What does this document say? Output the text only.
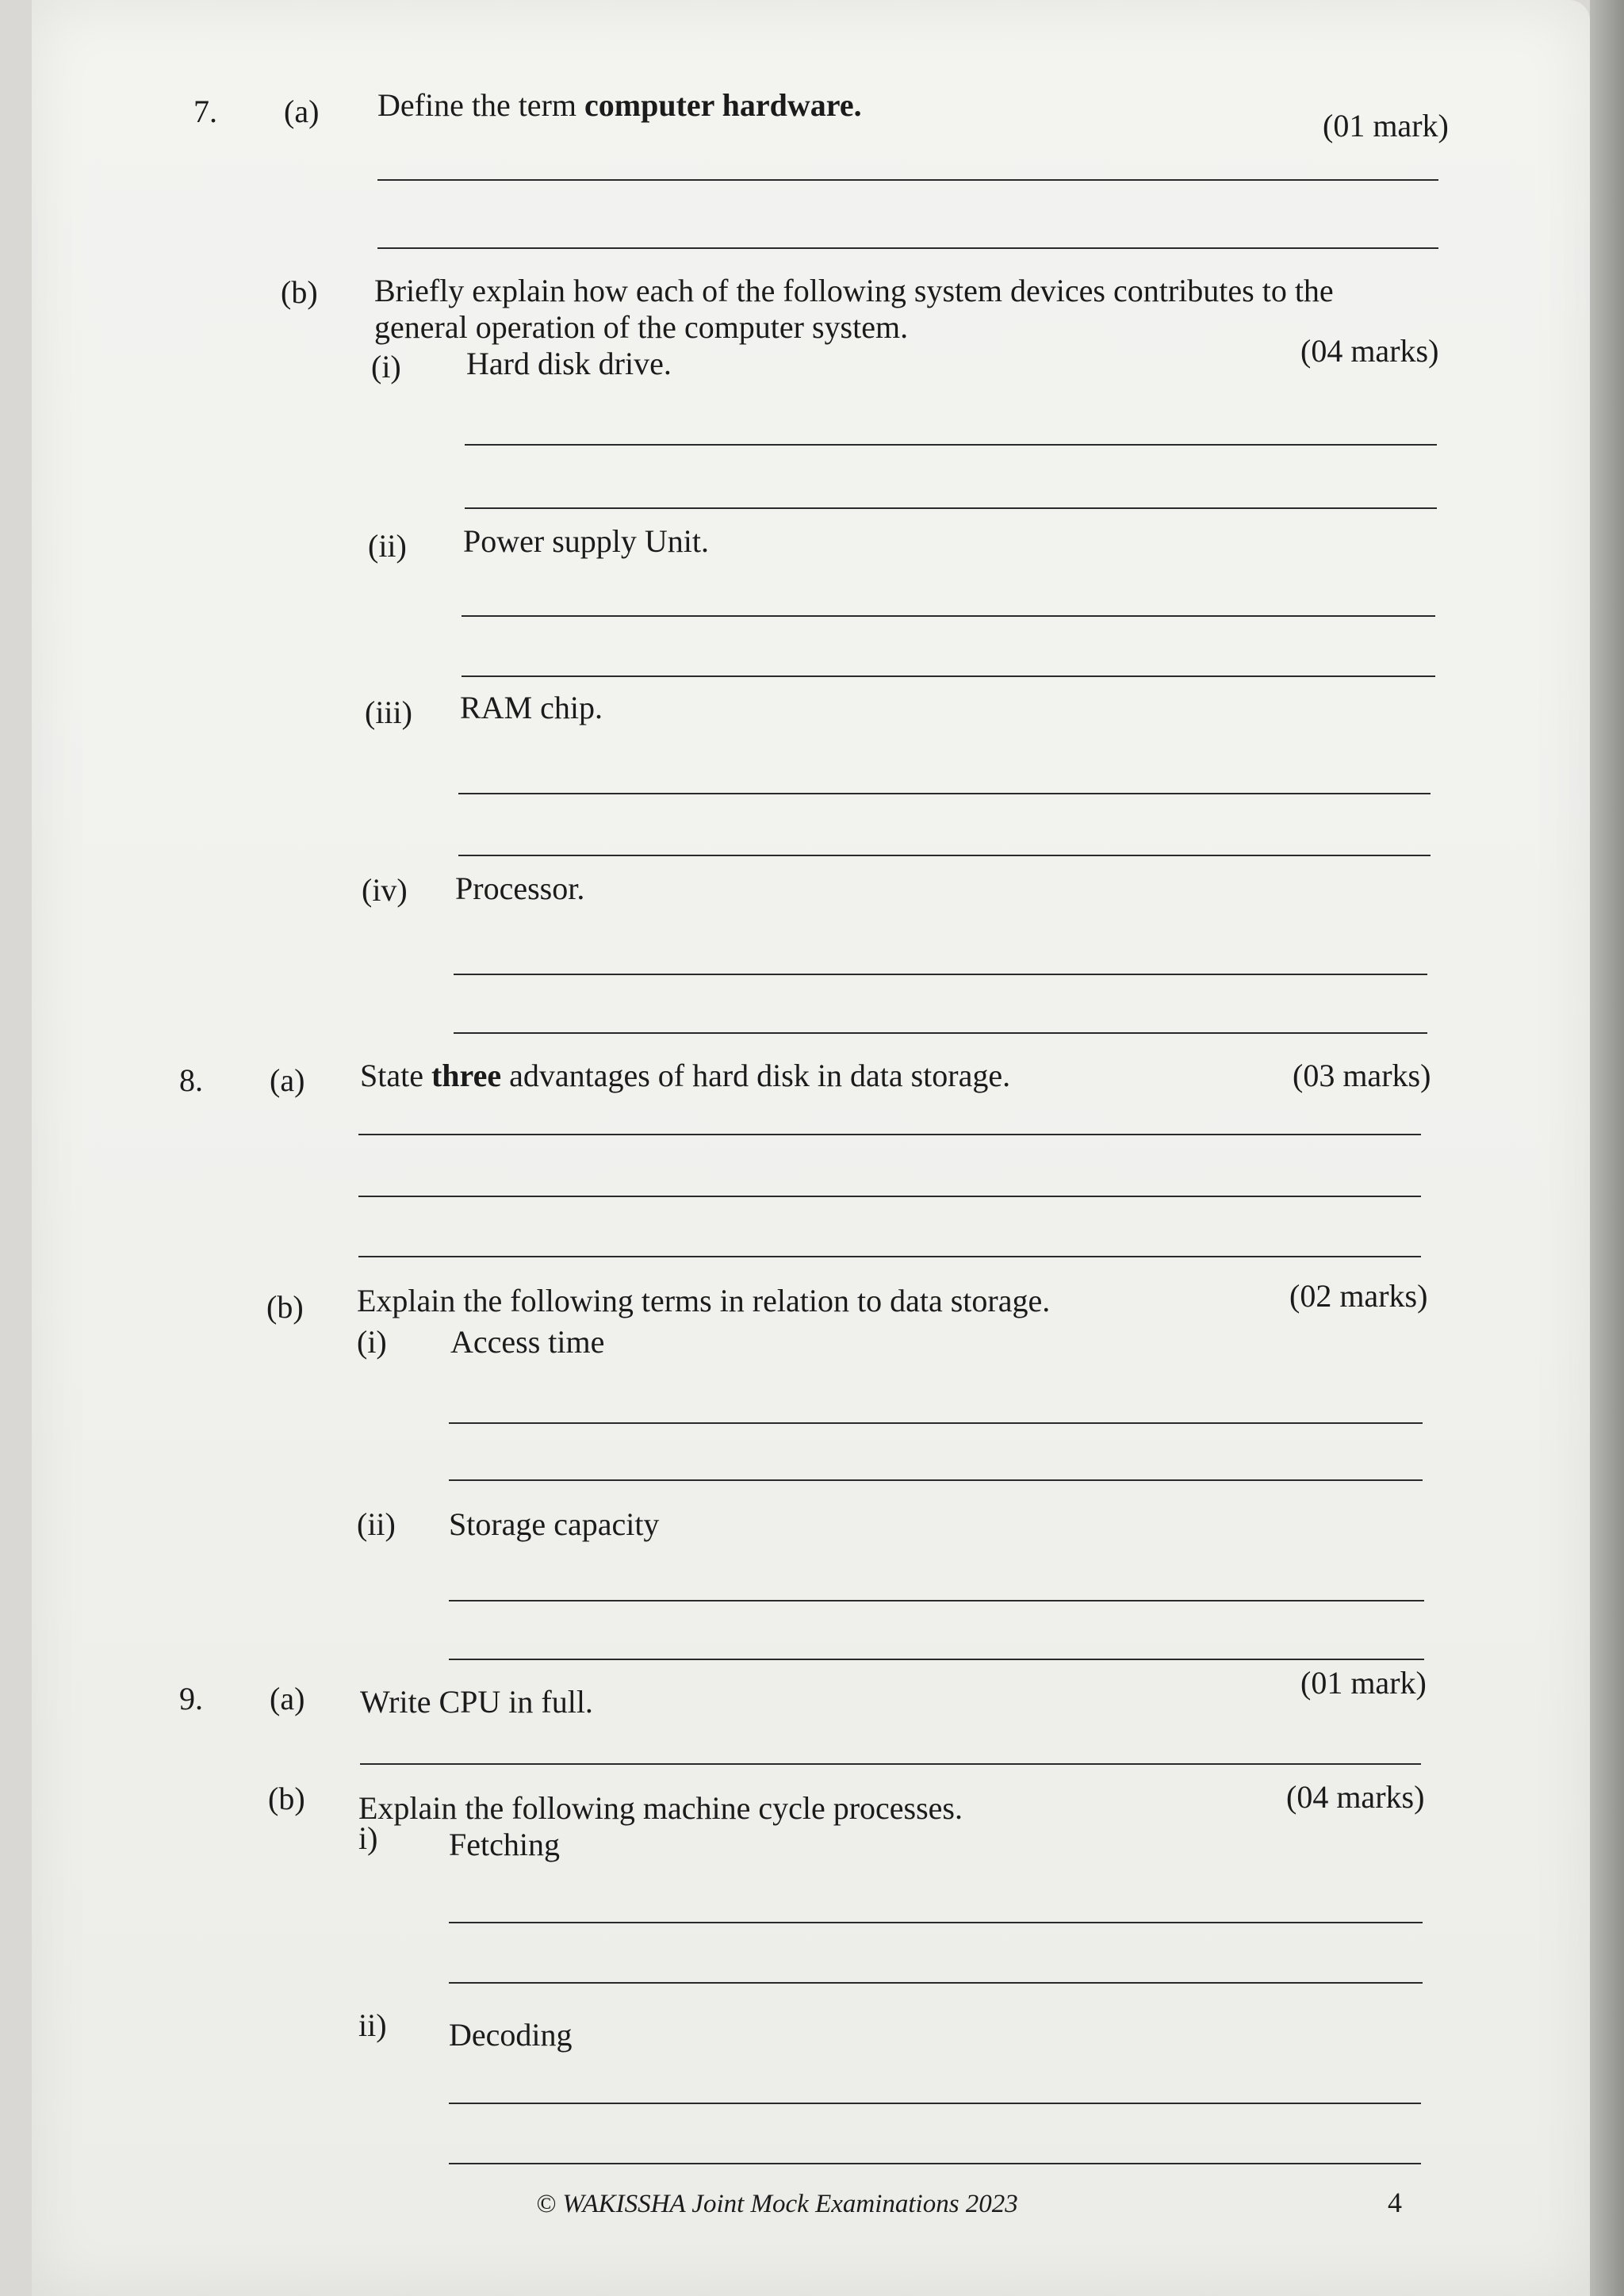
7. (a) Define the term computer hardware.
(01 mark)
(b) Briefly explain how each of the following system devices contributes to the
general operation of the computer system.
(04 marks)
(i) Hard disk drive.
(ii) Power supply Unit.
(iii) RAM chip.
(iv) Processor.
8. (a) State three advantages of hard disk in data storage.	(03 marks)
(b) Explain the following terms in relation to data storage.	(02 marks)
(i) Access time
(ii) Storage capacity
9. (a) Write CPU in full.
(01 mark)
(b) Explain the following machine cycle processes.	(04 marks)
i) Fetching
ii) Decoding
© WAKISSHA Joint Mock Examinations 2023	4
